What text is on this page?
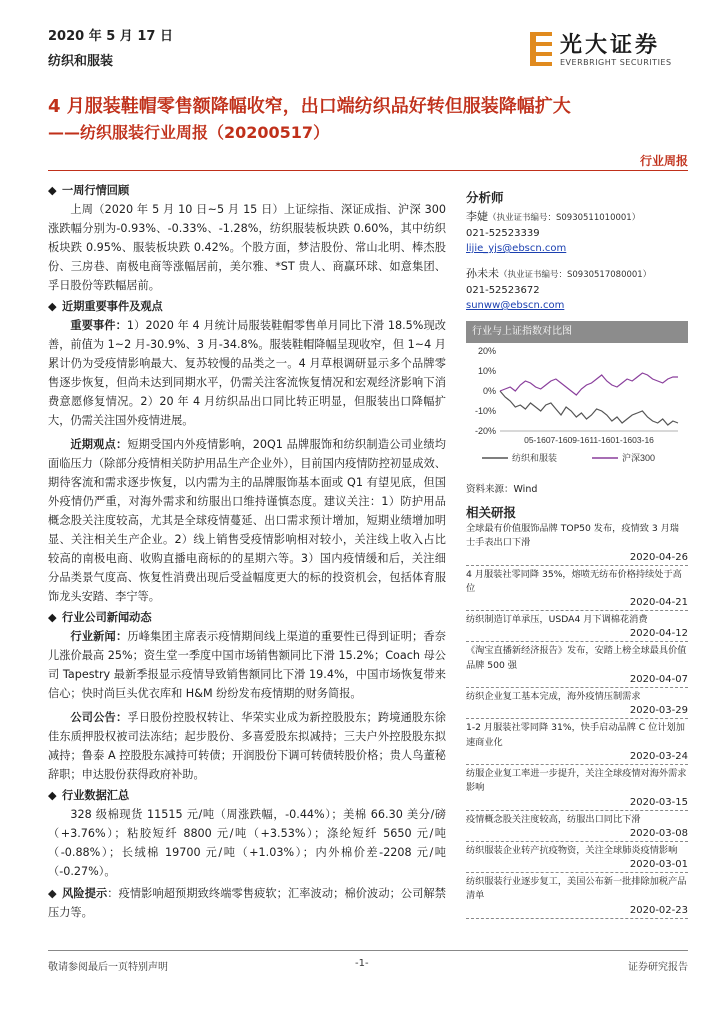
2020 年 5 月 17 日
纺织和服装
光大证券
EVERBRIGHT SECURITIES
4 月服装鞋帽零售额降幅收窄，出口端纺织品好转但服装降幅扩大
——纺织服装行业周报（20200517）
行业周报
◆ 一周行情回顾

上周（2020 年 5 月 10 日~5 月 15 日）上证综指、深证成指、沪深 300 涨跌幅分别为-0.93%、-0.33%、-1.28%，纺织服装板块跌 0.60%，其中纺织板块跌 0.95%、服装板块跌 0.42%。个股方面，梦洁股份、常山北明、棒杰股份、三房巷、南极电商等涨幅居前，美尔雅、*ST 贵人、商赢环球、如意集团、孚日股份等跌幅居前。

◆ 近期重要事件及观点

重要事件：1）2020 年 4 月统计局服装鞋帽零售单月同比下滑 18.5%现改善，前值为 1~2 月-30.9%、3 月-34.8%。服装鞋帽降幅呈现收窄，但 1~4 月累计仍为受疫情影响最大、复苏较慢的品类之一。4 月草根调研显示多个品牌零售逐步恢复，但尚未达到同期水平，仍需关注客流恢复情况和宏观经济影响下消费意愿修复情况。2）20 年 4 月纺织品出口同比转正明显，但服装出口降幅扩大，仍需关注国外疫情进展。

近期观点：短期受国内外疫情影响，20Q1 品牌服饰和纺织制造公司业绩均面临压力（除部分疫情相关防护用品生产企业外），目前国内疫情防控初显成效、期待客流和需求逐步恢复，以内需为主的品牌服饰基本面或 Q1 有望见底，但国外疫情仍严重，对海外需求和纺服出口维持谨慎态度。建议关注：1）防护用品概念股关注度较高，尤其是全球疫情蔓延、出口需求预计增加，短期业绩增加明显、关注相关生产企业。2）线上销售受疫情影响相对较小，关注线上收入占比较高的南极电商、收购直播电商标的的星期六等。3）国内疫情缓和后，关注细分品类景气度高、恢复性消费出现后受益幅度更大的标的投资机会，包括体育服饰龙头安踏、李宁等。

◆ 行业公司新闻动态

行业新闻：历峰集团主席表示疫情期间线上渠道的重要性已得到证明；香奈儿涨价最高 25%；资生堂一季度中国市场销售额同比下滑 15.2%；Coach 母公司 Tapestry 最新季报显示疫情导致销售额同比下滑 19.4%，中国市场恢复带来信心；快时尚巨头优衣库和 H&M 纷纷发布疫情期的财务简报。

公司公告：孚日股份控股权转让、华荣实业成为新控股股东；跨境通股东徐佳东质押股权被司法冻结；起步股份、多喜爱股东拟减持；三夫户外控股股东拟减持；鲁泰 A 控股股东减持可转债；开润股份下调可转债转股价格；贵人鸟董秘辞职；申达股份获得政府补助。

◆ 行业数据汇总

328 级棉现货 11515 元/吨（周涨跌幅，-0.44%）；美棉 66.30 美分/磅（+3.76%）；粘胶短纤 8800 元/吨（+3.53%）；涤纶短纤 5650 元/吨（-0.88%）；长绒棉 19700 元/吨（+1.03%）；内外棉价差-2208 元/吨（-0.27%）。

◆ 风险提示：疫情影响超预期致终端零售疲软；汇率波动；棉价波动；公司解禁压力等。

分析师
李婕（执业证书编号：S0930511010001）
021-52523339
lijie_yjs@ebscn.com
孙未未（执业证书编号：S0930517080001）
021-52523672
sunww@ebscn.com
行业与上证指数对比图
20%
10%
0%
-10%
-20%
05-1607-1609-1611-1601-1603-16
纺织和服装	沪深300
资料来源：Wind
相关研报
全球最有价值服饰品牌 TOP50 发布，疫情致 3 月瑞士手表出口下滑
2020-04-26
4 月服装社零同降 35%，熔喷无纺布价格持续处于高位
2020-04-21
纺织制造订单承压，USDA4 月下调棉花消费
2020-04-12
《淘宝直播新经济报告》发布，安踏上榜全球最具价值品牌 500 强
2020-04-07
纺织企业复工基本完成，海外疫情压制需求
2020-03-29
1-2 月服装社零同降 31%，快手启动品牌 C 位计划加速商业化
2020-03-24
纺服企业复工率进一步提升，关注全球疫情对海外需求影响
2020-03-15
疫情概念股关注度较高，纺服出口同比下滑
2020-03-08
纺织服装企业转产抗疫物资，关注全球肺炎疫情影响
2020-03-01
纺织服装行业逐步复工，美国公布新一批排除加税产品清单
2020-02-23
敬请参阅最后一页特别声明	-1-	证券研究报告
